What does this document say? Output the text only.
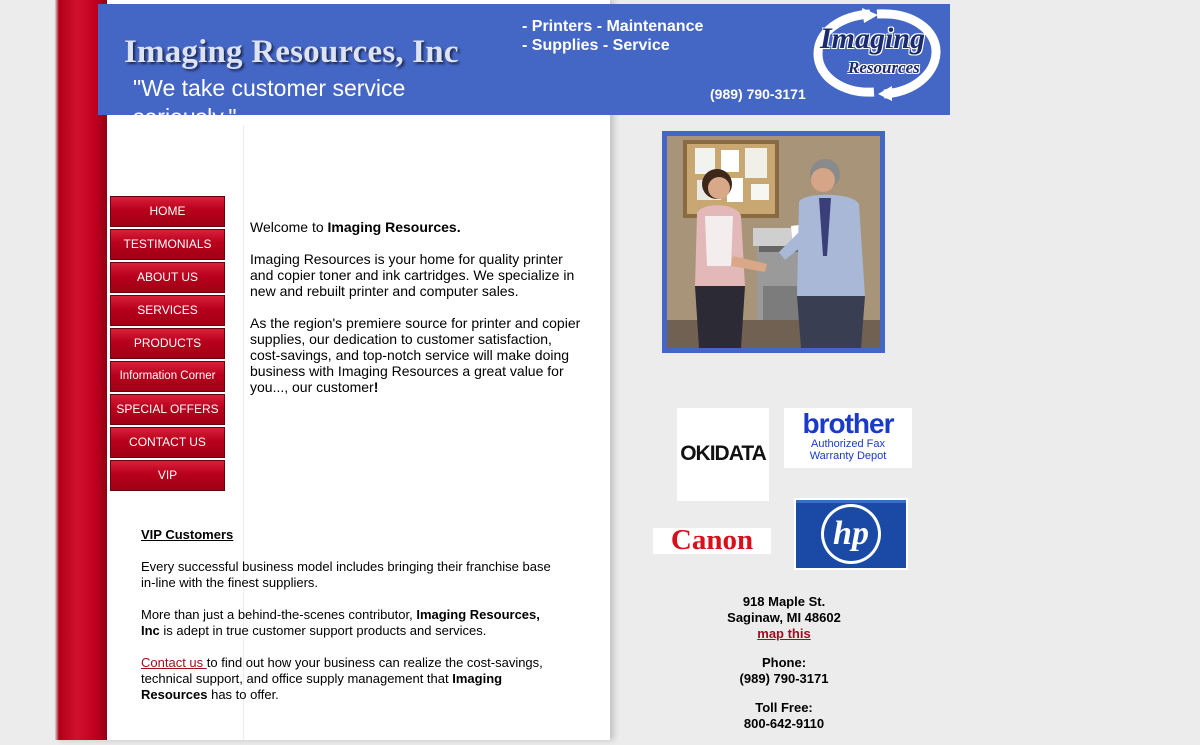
Imaging Resources, Inc
"We take customer service seriously."
- Printers - Maintenance
- Supplies - Service
(989) 790-3171
Imaging
Resources
HOME
TESTIMONIALS
ABOUT US
SERVICES
PRODUCTS
Information Corner
SPECIAL OFFERS
CONTACT US
VIP

Welcome to Imaging Resources.

Imaging Resources is your home for quality printer and copier toner and ink cartridges. We specialize in new and rebuilt printer and computer sales.

As the region's premiere source for printer and copier supplies, our dedication to customer satisfaction, cost-savings, and top-notch service will make doing business with Imaging Resources a great value for you..., our customer!

VIP Customers

Every successful business model includes bringing their franchise base in-line with the finest suppliers.

More than just a behind-the-scenes contributor, Imaging Resources, Inc is adept in true customer support products and services.

Contact us to find out how your business can realize the cost-savings, technical support, and office supply management that Imaging Resources has to offer.

OKIDATA
brother
Authorized Fax
Warranty Depot
Canon	hp

918 Maple St.
Saginaw, MI 48602
map this

Phone:
(989) 790-3171

Toll Free:
800-642-9110
